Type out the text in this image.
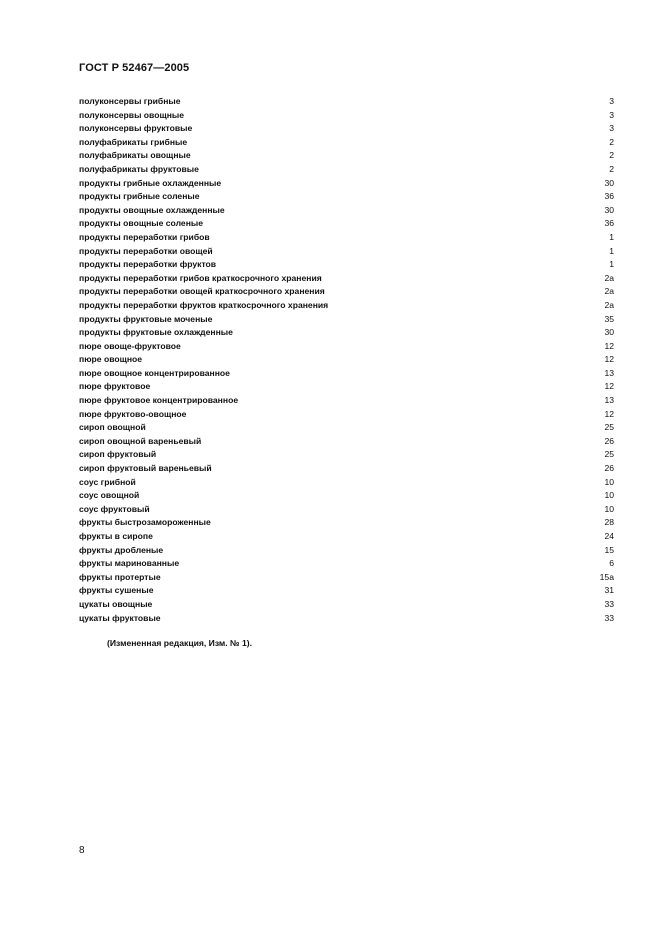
ГОСТ Р 52467—2005
полуконсервы грибные	3
полуконсервы овощные	3
полуконсервы фруктовые	3
полуфабрикаты грибные	2
полуфабрикаты овощные	2
полуфабрикаты фруктовые	2
продукты грибные охлажденные	30
продукты грибные соленые	36
продукты овощные охлажденные	30
продукты овощные соленые	36
продукты переработки грибов	1
продукты переработки овощей	1
продукты переработки фруктов	1
продукты переработки грибов краткосрочного хранения	2а
продукты переработки овощей краткосрочного хранения	2а
продукты переработки фруктов краткосрочного хранения	2а
продукты фруктовые моченые	35
продукты фруктовые охлажденные	30
пюре овоще-фруктовое	12
пюре овощное	12
пюре овощное концентрированное	13
пюре фруктовое	12
пюре фруктовое концентрированное	13
пюре фруктово-овощное	12
сироп овощной	25
сироп овощной вареньевый	26
сироп фруктовый	25
сироп фруктовый вареньевый	26
соус грибной	10
соус овощной	10
соус фруктовый	10
фрукты быстрозамороженные	28
фрукты в сиропе	24
фрукты дробленые	15
фрукты маринованные	6
фрукты протертые	15а
фрукты сушеные	31
цукаты овощные	33
цукаты фруктовые	33
(Измененная редакция, Изм. № 1).
8
